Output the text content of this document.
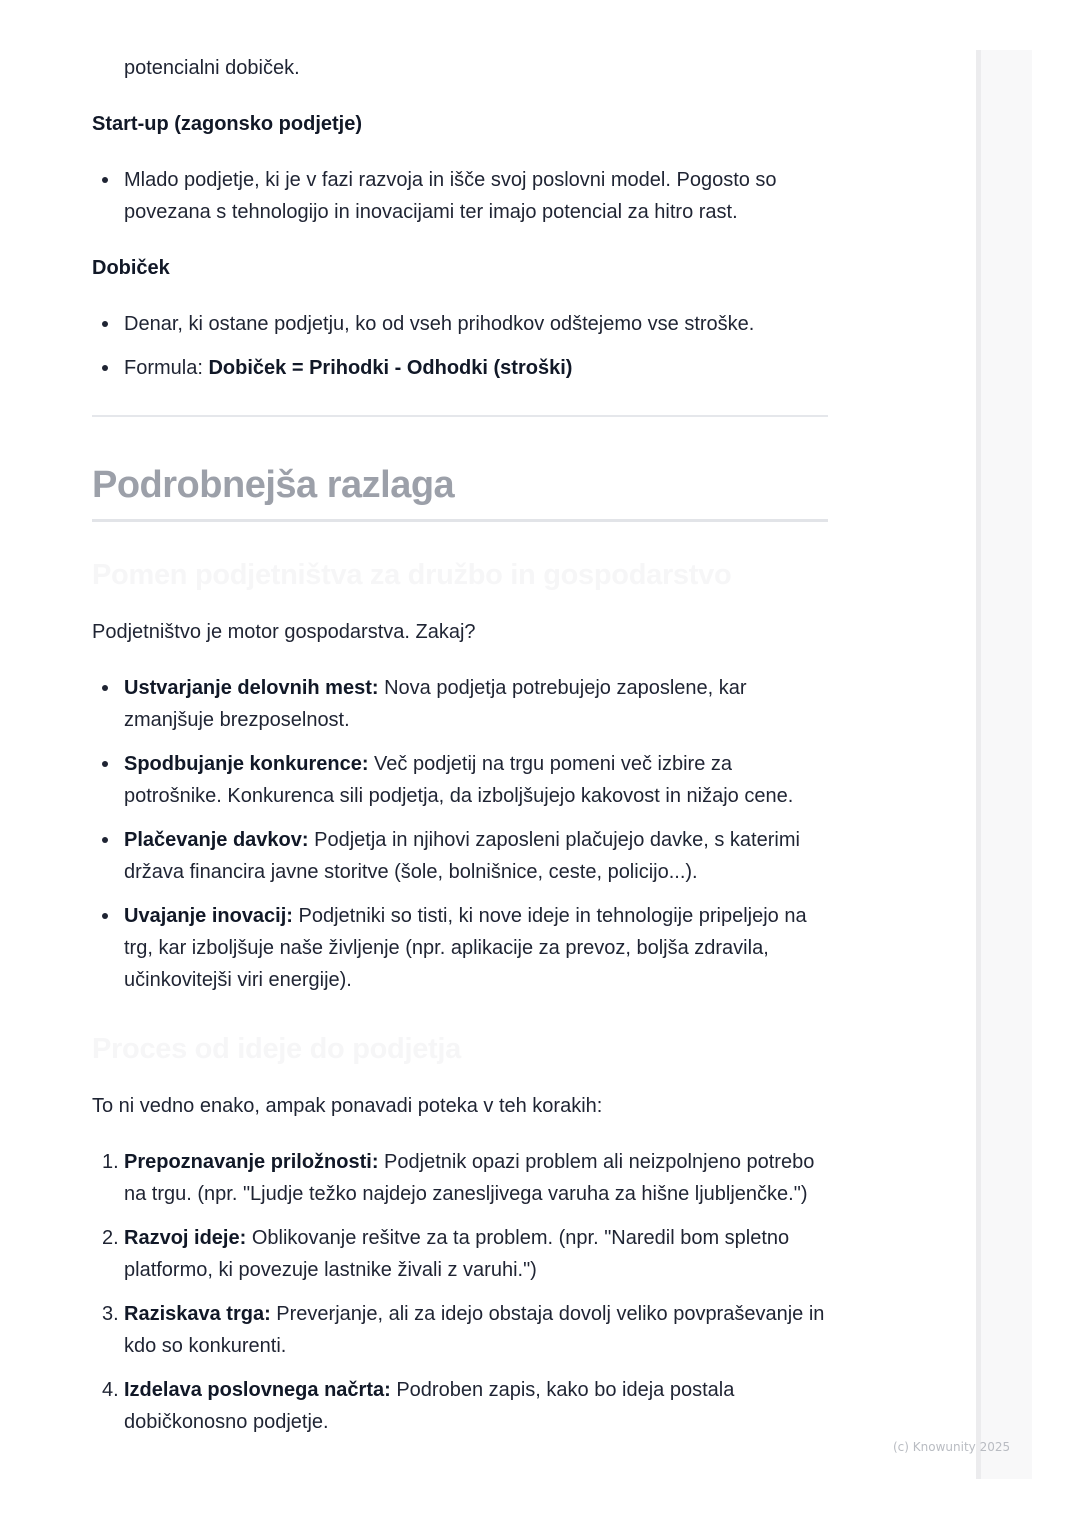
potencialni dobiček.

Start-up (zagonsko podjetje)
Mlado podjetje, ki je v fazi razvoja in išče svoj poslovni model. Pogosto so povezana s tehnologijo in inovacijami ter imajo potencial za hitro rast.
Dobiček
Denar, ki ostane podjetju, ko od vseh prihodkov odštejemo vse stroške.
Formula: Dobiček = Prihodki - Odhodki (stroški)
Podrobnejša razlaga
Pomen podjetništva za družbo in gospodarstvo

Podjetništvo je motor gospodarstva. Zakaj?

Ustvarjanje delovnih mest: Nova podjetja potrebujejo zaposlene, kar zmanjšuje brezposelnost.
Spodbujanje konkurence: Več podjetij na trgu pomeni več izbire za potrošnike. Konkurenca sili podjetja, da izboljšujejo kakovost in nižajo cene.
Plačevanje davkov: Podjetja in njihovi zaposleni plačujejo davke, s katerimi država financira javne storitve (šole, bolnišnice, ceste, policijo...).
Uvajanje inovacij: Podjetniki so tisti, ki nove ideje in tehnologije pripeljejo na trg, kar izboljšuje naše življenje (npr. aplikacije za prevoz, boljša zdravila, učinkovitejši viri energije).
Proces od ideje do podjetja

To ni vedno enako, ampak ponavadi poteka v teh korakih:

1. Prepoznavanje priložnosti: Podjetnik opazi problem ali neizpolnjeno potrebo na trgu. (npr. "Ljudje težko najdejo zanesljivega varuha za hišne ljubljenčke.")
2. Razvoj ideje: Oblikovanje rešitve za ta problem. (npr. "Naredil bom spletno platformo, ki povezuje lastnike živali z varuhi.")
3. Raziskava trga: Preverjanje, ali za idejo obstaja dovolj veliko povpraševanje in kdo so konkurenti.
4. Izdelava poslovnega načrta: Podroben zapis, kako bo ideja postala dobičkonosno podjetje.
(c) Knowunity 2025
